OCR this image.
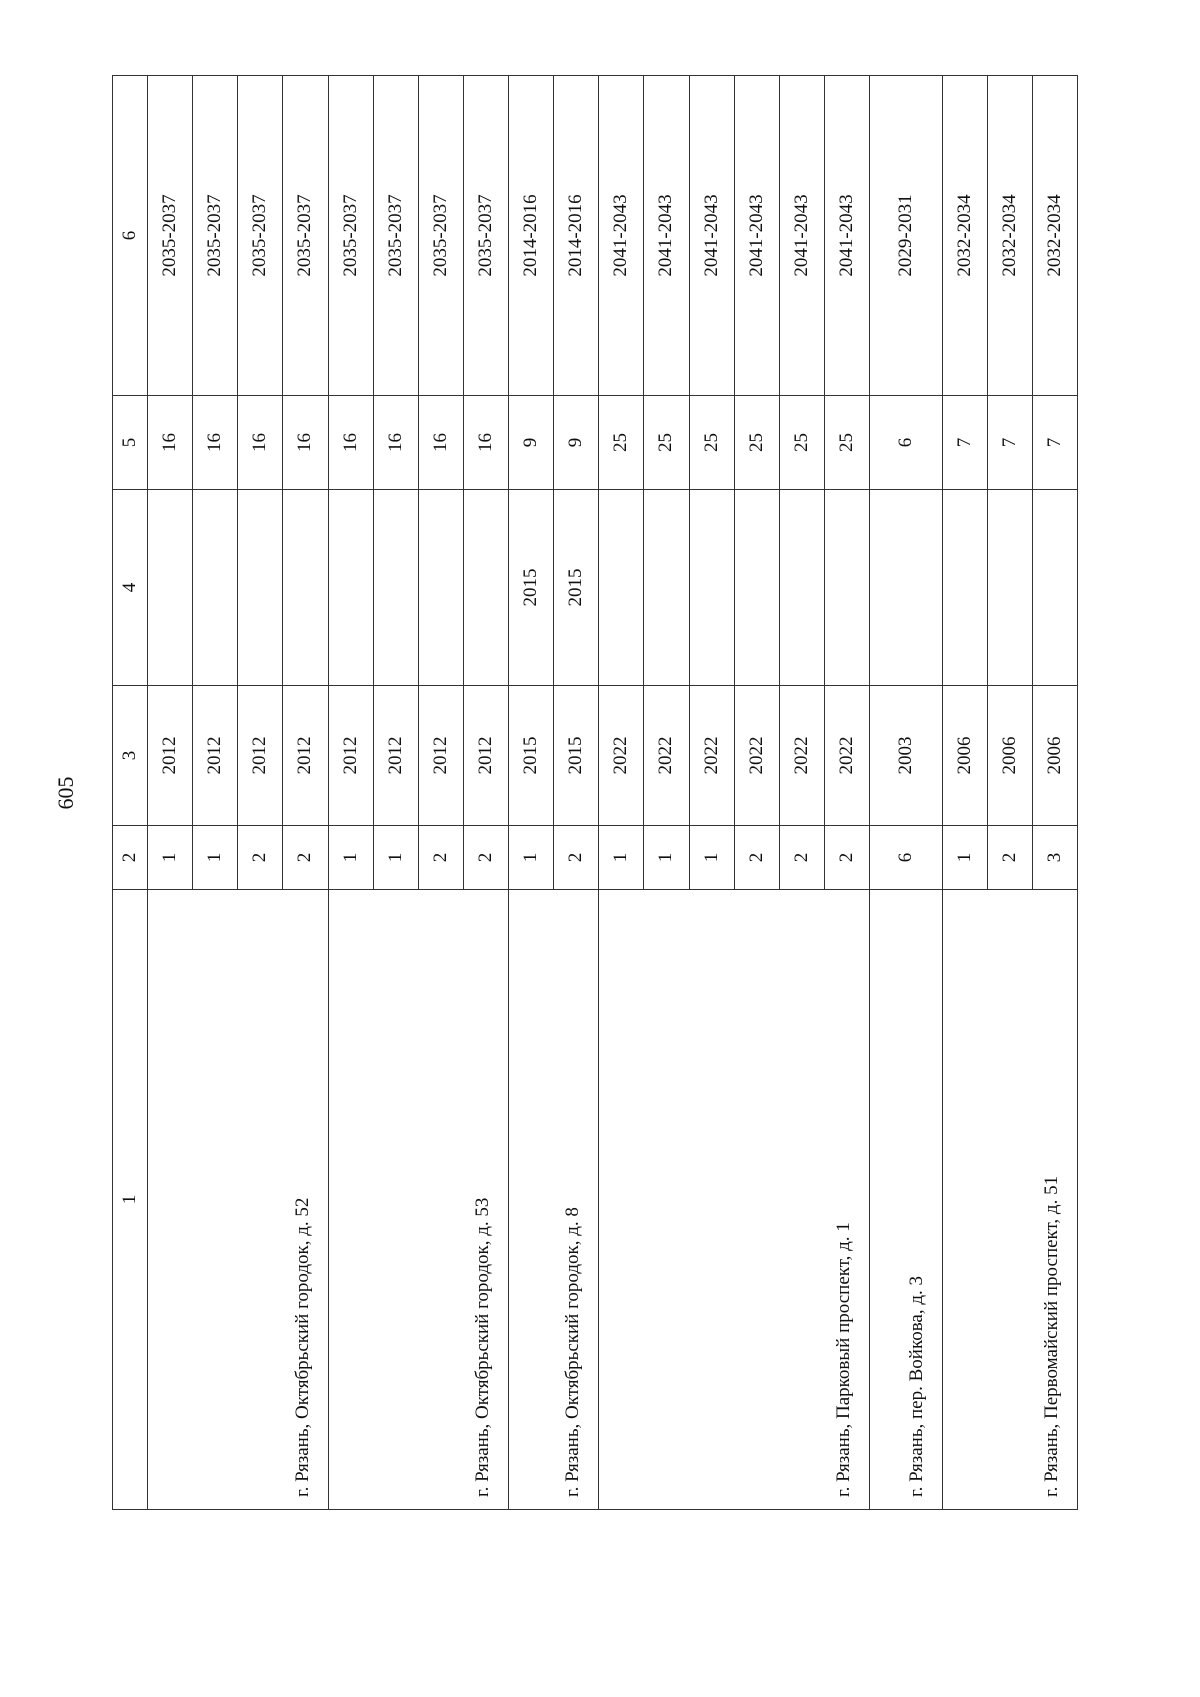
605
1	2	3	4	5	6

г. Рязань, Октябрьский городок, д. 52	1	2012		16	2035-2037
	1	2012		16	2035-2037
	2	2012		16	2035-2037
	2	2012		16	2035-2037

г. Рязань, Октябрьский городок, д. 53	1	2012		16	2035-2037
	1	2012		16	2035-2037
	2	2012		16	2035-2037
	2	2012		16	2035-2037

г. Рязань, Октябрьский городок, д. 8	1	2015	2015	9	2014-2016
	2	2015	2015	9	2014-2016

г. Рязань, Парковый проспект, д. 1	1	2022		25	2041-2043
	1	2022		25	2041-2043
	1	2022		25	2041-2043
	2	2022		25	2041-2043
	2	2022		25	2041-2043
	2	2022		25	2041-2043

г. Рязань, пер. Войкова, д. 3	6	2003		6	2029-2031

г. Рязань, Первомайский проспект, д. 51	1	2006		7	2032-2034
	2	2006		7	2032-2034
	3	2006		7	2032-2034
